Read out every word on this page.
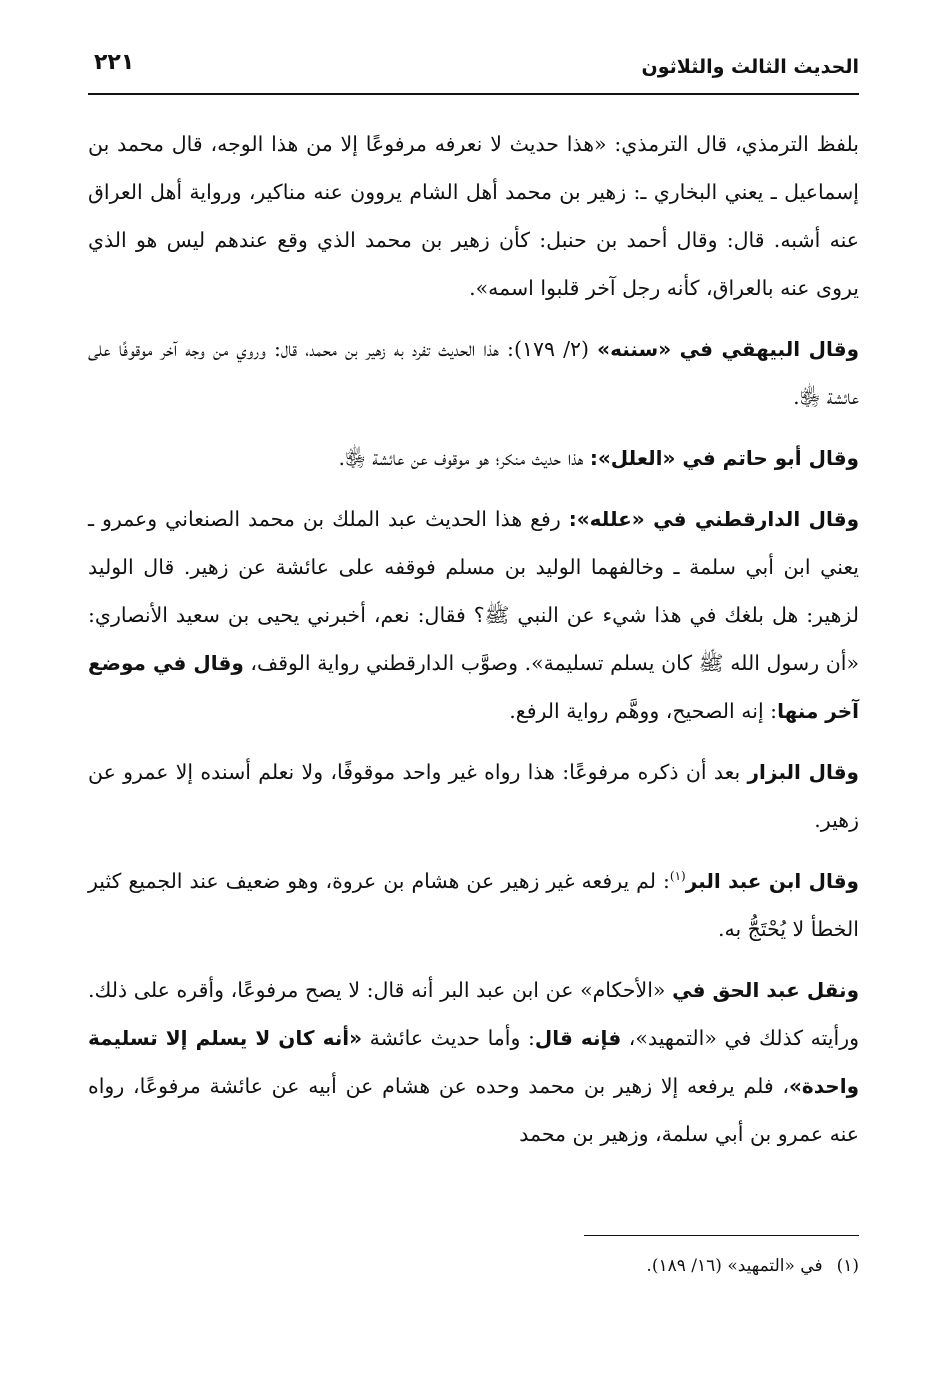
الحديث الثالث والثلاثون
٢٢١

بلفظ الترمذي، قال الترمذي: «هذا حديث لا نعرفه مرفوعًا إلا من هذا الوجه، قال محمد بن إسماعيل ـ يعني البخاري ـ: زهير بن محمد أهل الشام يروون عنه مناكير، ورواية أهل العراق عنه أشبه. قال: وقال أحمد بن حنبل: كأن زهير بن محمد الذي وقع عندهم ليس هو الذي يروى عنه بالعراق، كأنه رجل آخر قلبوا اسمه».

وقال البيهقي في «سننه» (٢/ ١٧٩): هذا الحديث تفرد به زهير بن محمد، قال: وروي من وجه آخر موقوفًا على عائشة ﵂.

وقال أبو حاتم في «العلل»: هذا حديث منكر؛ هو موقوف عن عائشة ﵂.

وقال الدارقطني في «علله»: رفع هذا الحديث عبد الملك بن محمد الصنعاني وعمرو ـ يعني ابن أبي سلمة ـ وخالفهما الوليد بن مسلم فوقفه على عائشة عن زهير. قال الوليد لزهير: هل بلغك في هذا شيء عن النبي ﷺ؟ فقال: نعم، أخبرني يحيى بن سعيد الأنصاري: «أن رسول الله ﷺ كان يسلم تسليمة». وصوَّب الدارقطني رواية الوقف، وقال في موضع آخر منها: إنه الصحيح، ووهَّم رواية الرفع.

وقال البزار بعد أن ذكره مرفوعًا: هذا رواه غير واحد موقوفًا، ولا نعلم أسنده إلا عمرو عن زهير.

وقال ابن عبد البر$^{(١)}$: لم يرفعه غير زهير عن هشام بن عروة، وهو ضعيف عند الجميع كثير الخطأ لا يُحْتَجُّ به.

ونقل عبد الحق في «الأحكام» عن ابن عبد البر أنه قال: لا يصح مرفوعًا، وأقره على ذلك. ورأيته كذلك في «التمهيد»، فإنه قال: وأما حديث عائشة «أنه كان لا يسلم إلا تسليمة واحدة»، فلم يرفعه إلا زهير بن محمد وحده عن هشام عن أبيه عن عائشة مرفوعًا، رواه عنه عمرو بن أبي سلمة، وزهير بن محمد

(١)في «التمهيد» (١٦/ ١٨٩).
